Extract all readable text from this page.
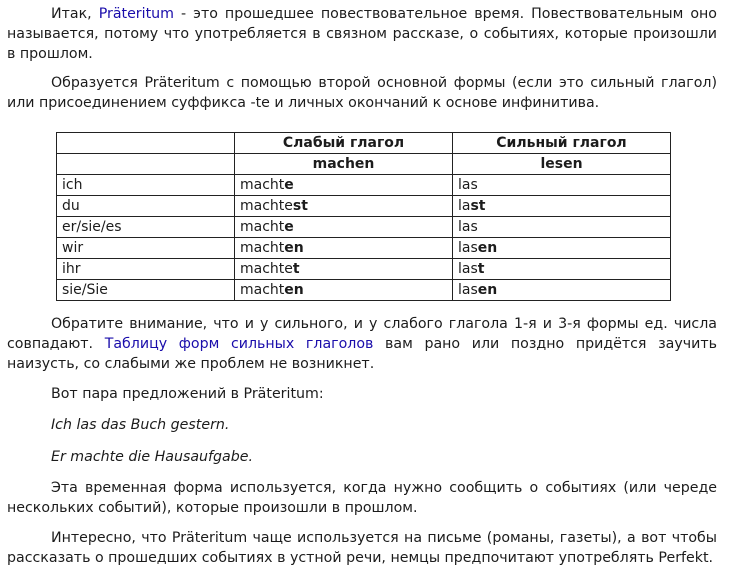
Итак, Präteritum - это прошедшее повествовательное время. Повествовательным оно называется, потому что употребляется в связном рассказе, о событиях, которые произошли в прошлом.

Образуется Präteritum с помощью второй основной формы (если это сильный глагол) или присоединением суффикса -te и личных окончаний к основе инфинитива.

	Слабый глагол	Сильный глагол
	machen	lesen
ich	machte	las
du	machtest	last
er/sie/es	machte	las
wir	machten	lasen
ihr	machtet	last
sie/Sie	machten	lasen

Обратите внимание, что и у сильного, и у слабого глагола 1-я и 3-я формы ед. числа совпадают. Таблицу форм сильных глаголов вам рано или поздно придётся заучить наизусть, со слабыми же проблем не возникнет.

Вот пара предложений в Präteritum:

Ich las das Buch gestern.

Er machte die Hausaufgabe.

Эта временная форма используется, когда нужно сообщить о событиях (или череде нескольких событий), которые произошли в прошлом.

Интересно, что Präteritum чаще используется на письме (романы, газеты), а вот чтобы рассказать о прошедших событиях в устной речи, немцы предпочитают употреблять Perfekt.
